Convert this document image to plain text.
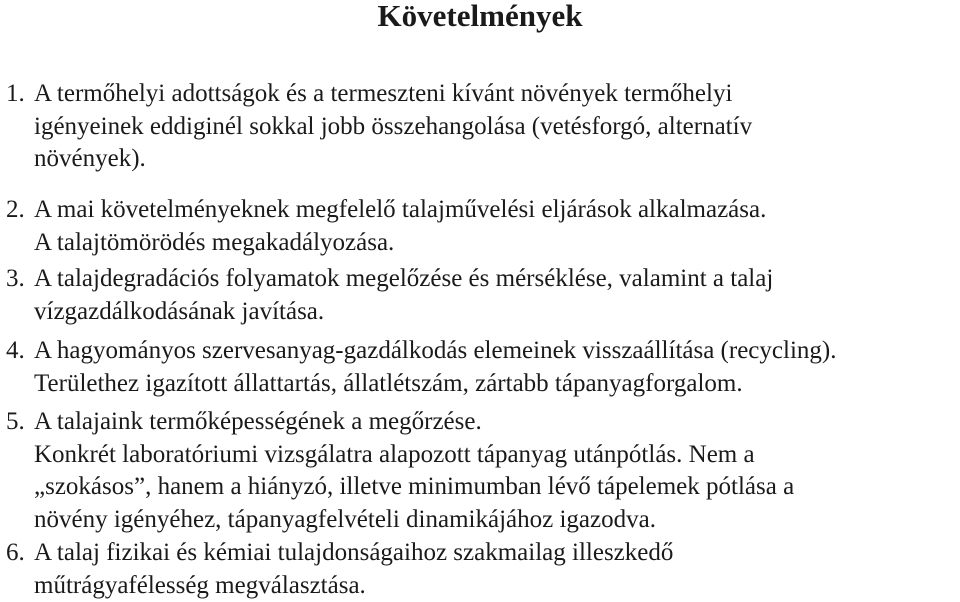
Követelmények
1. A termőhelyi adottságok és a termeszteni kívánt növények termőhelyi
igényeinek eddiginél sokkal jobb összehangolása (vetésforgó, alternatív
növények).
2. A mai követelményeknek megfelelő talajművelési eljárások alkalmazása.
A talajtömörödés megakadályozása.
3. A talajdegradációs folyamatok megelőzése és mérséklése, valamint a talaj
vízgazdálkodásának javítása.
4. A hagyományos szervesanyag-gazdálkodás elemeinek visszaállítása (recycling).
Területhez igazított állattartás, állatlétszám, zártabb tápanyagforgalom.
5. A talajaink termőképességének a megőrzése.
Konkrét laboratóriumi vizsgálatra alapozott tápanyag utánpótlás. Nem a
„szokásos”, hanem a hiányzó, illetve minimumban lévő tápelemek pótlása a
növény igényéhez, tápanyagfelvételi dinamikájához igazodva.
6. A talaj fizikai és kémiai tulajdonságaihoz szakmailag illeszkedő
műtrágyafélesség megválasztása.
